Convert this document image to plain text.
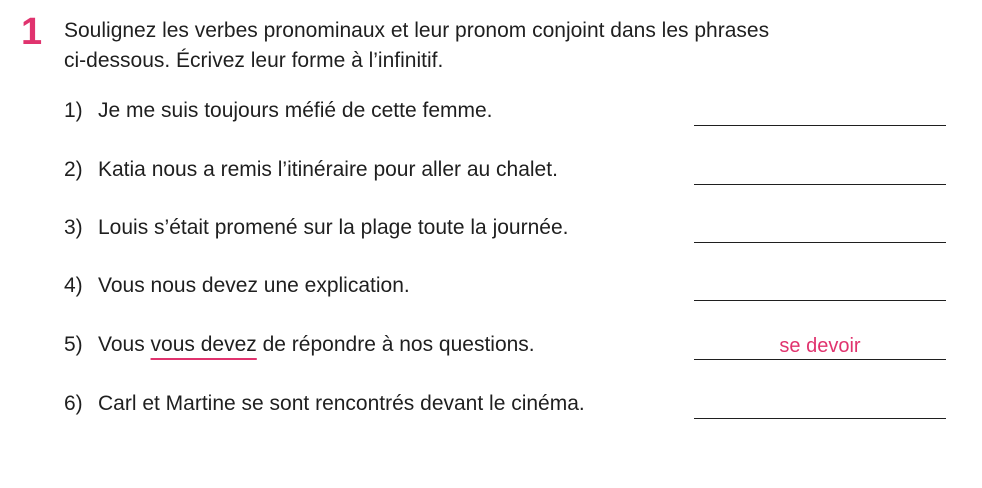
1 Soulignez les verbes pronominaux et leur pronom conjoint dans les phrases
ci-dessous. Écrivez leur forme à l’infinitif.
1) Je me suis toujours méfié de cette femme.
2) Katia nous a remis l’itinéraire pour aller au chalet.
3) Louis s’était promené sur la plage toute la journée.
4) Vous nous devez une explication.
5) Vous vous devez de répondre à nos questions.	se devoir
6) Carl et Martine se sont rencontrés devant le cinéma.
